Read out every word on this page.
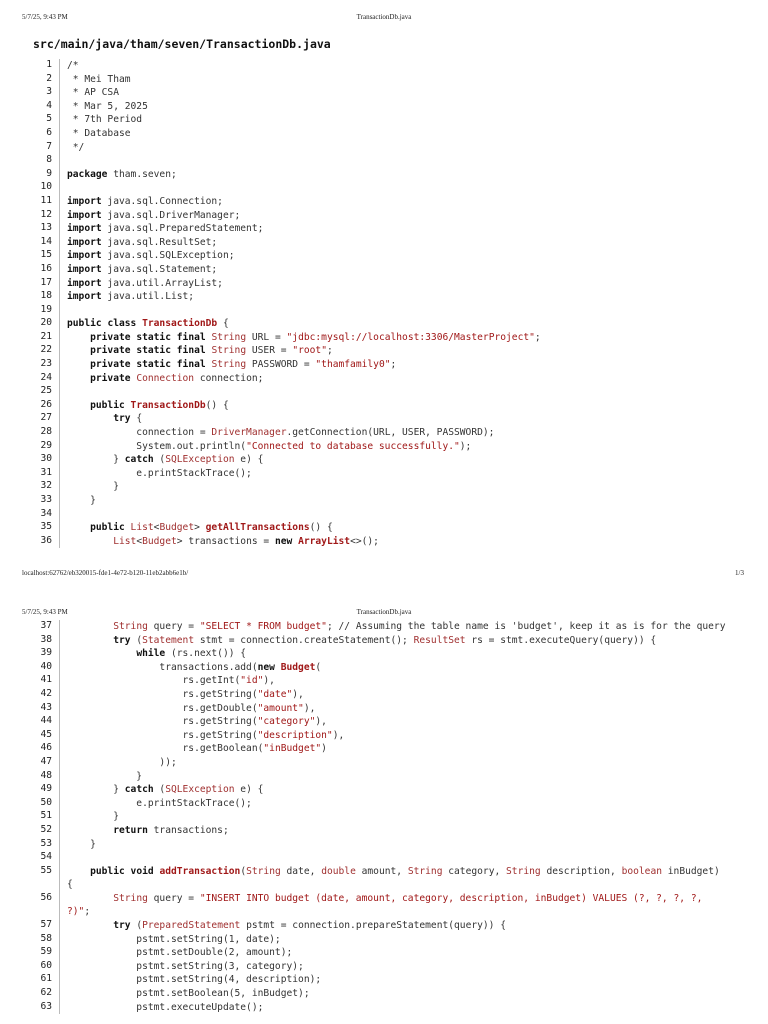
5/7/25, 9:43 PM	TransactionDb.java
src/main/java/tham/seven/TransactionDb.java
1 /*
2 * Mei Tham
3 * AP CSA
4 * Mar 5, 2025
5 * 7th Period
6 * Database
7 */
8
9 package tham.seven;
10
11 import java.sql.Connection;
12 import java.sql.DriverManager;
13 import java.sql.PreparedStatement;
14 import java.sql.ResultSet;
15 import java.sql.SQLException;
16 import java.sql.Statement;
17 import java.util.ArrayList;
18 import java.util.List;
19
20 public class TransactionDb {
21	private static final String URL = "jdbc:mysql://localhost:3306/MasterProject";
22	private static final String USER = "root";
23	private static final String PASSWORD = "thamfamily0";
24	private Connection connection;
25
26	public TransactionDb() {
27	try {
28 connection = DriverManager.getConnection(URL, USER, PASSWORD);
29 System.out.println("Connected to database successfully.");
30 } catch (SQLException e) {
31 e.printStackTrace();
32 }
33 }
34
35	public List<Budget> getAllTransactions() {
36	List<Budget> transactions = new ArrayList<>();
localhost:62762/eb320015-fde1-4e72-b120-11eb2abb6e1b/	1/3
5/7/25, 9:43 PM	TransactionDb.java
37	String query = "SELECT * FROM budget"; // Assuming the table name is 'budget', keep it as is for the query
38	try (Statement stmt = connection.createStatement(); ResultSet rs = stmt.executeQuery(query)) {
39	while (rs.next()) {
40 transactions.add(new Budget(
41 rs.getInt("id"),
42 rs.getString("date"),
43 rs.getDouble("amount"),
44 rs.getString("category"),
45 rs.getString("description"),
46 rs.getBoolean("inBudget")
47 ));
48 }
49 } catch (SQLException e) {
50 e.printStackTrace();
51 }
52	return transactions;
53 }
54
55	public void addTransaction(String date, double amount, String category, String description, boolean inBudget)
{
56	String query = "INSERT INTO budget (date, amount, category, description, inBudget) VALUES (?, ?, ?, ?,
?)";
57	try (PreparedStatement pstmt = connection.prepareStatement(query)) {
58 pstmt.setString(1, date);
59 pstmt.setDouble(2, amount);
60 pstmt.setString(3, category);
61 pstmt.setString(4, description);
62 pstmt.setBoolean(5, inBudget);
63 pstmt.executeUpdate();
